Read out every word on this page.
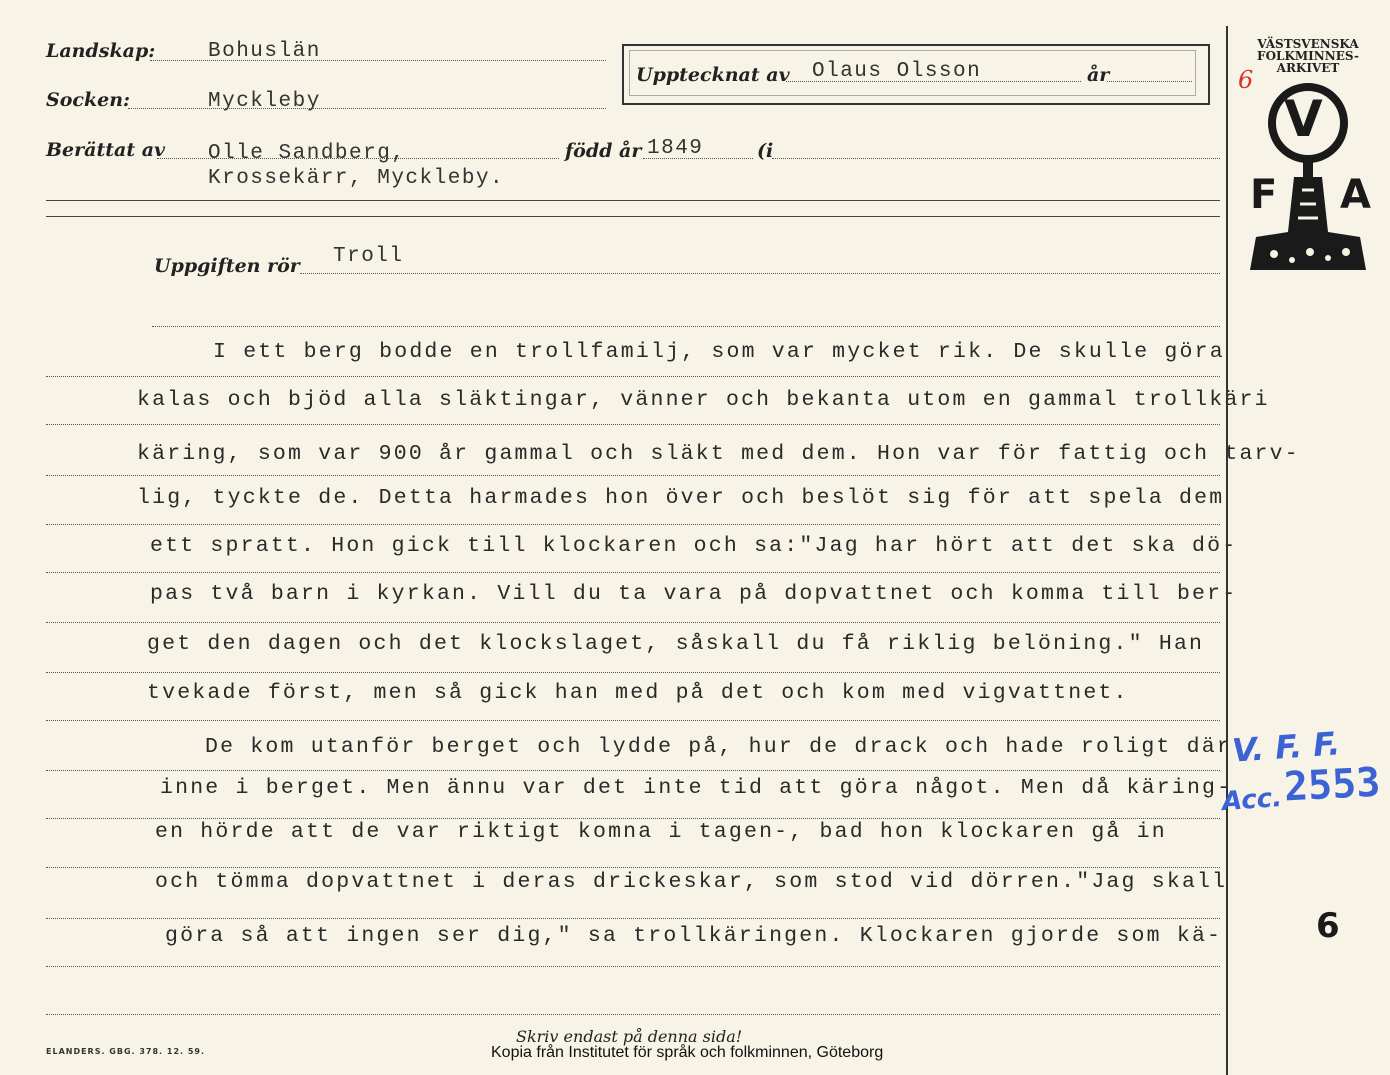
Landskap:	Bohuslän
Socken:	Myckleby
Berättat av Olle Sandberg,
Krossekärr, Myckleby.
född år 1849	(i
Upptecknat av Olaus Olsson	år
Uppgiften rör Troll
I ett berg bodde en trollfamilj, som var mycket rik. De skulle göra
kalas och bjöd alla släktingar, vänner och bekanta utom en gammal trollkäri
käring, som var 900 år gammal och släkt med dem. Hon var för fattig och tarv-
lig, tyckte de. Detta harmades hon över och beslöt sig för att spela dem
ett spratt. Hon gick till klockaren och sa:"Jag har hört att det ska dö-
pas två barn i kyrkan. Vill du ta vara på dopvattnet och komma till ber-
get den dagen och det klockslaget, såskall du få riklig belöning." Han
tvekade först, men så gick han med på det och kom med vigvattnet.
De kom utanför berget och lydde på, hur de drack och hade roligt där-
inne i berget. Men ännu var det inte tid att göra något. Men då käring-
en hörde att de var riktigt komna i tagen-, bad hon klockaren gå in
och tömma dopvattnet i deras drickeskar, som stod vid dörren."Jag skall
göra så att ingen ser dig," sa trollkäringen. Klockaren gjorde som kä-
VÄSTSVENSKA
FOLKMINNES-
ARKIVET
6
V
F A
V. F. F.
Acc. 2553
6
Skriv endast på denna sida!
ELANDERS. GBG. 378. 12. 59.	Kopia från Institutet för språk och folkminnen, Göteborg
